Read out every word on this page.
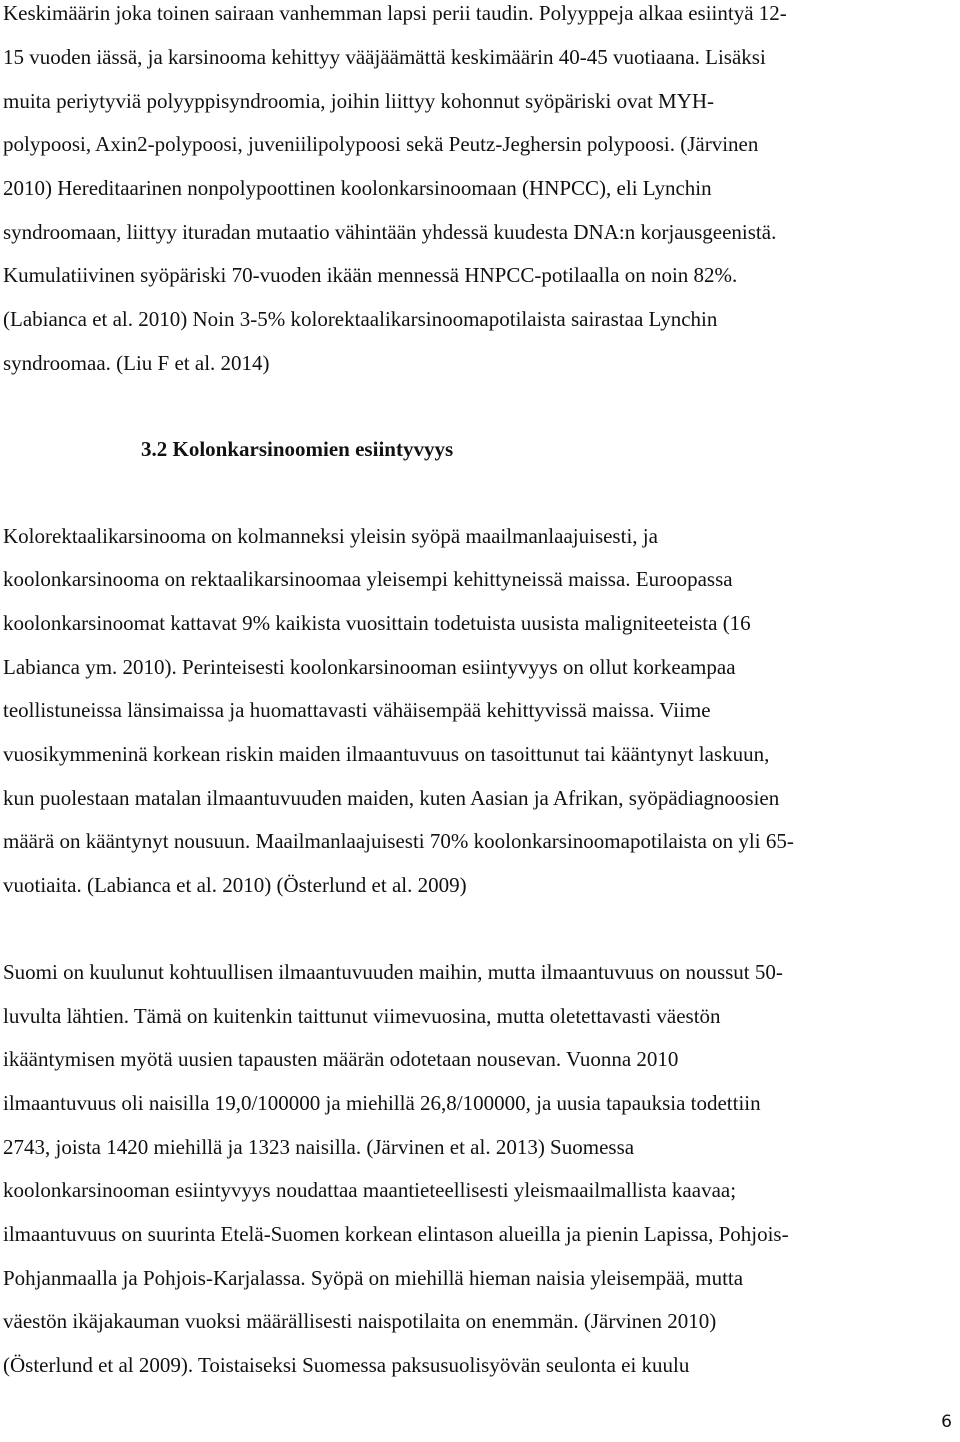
Keskimäärin joka toinen sairaan vanhemman lapsi perii taudin. Polyyppeja alkaa esiintyä 12-
15 vuoden iässä, ja karsinooma kehittyy vääjäämättä keskimäärin 40-45 vuotiaana. Lisäksi
muita periytyviä polyyppisyndroomia, joihin liittyy kohonnut syöpäriski ovat MYH-
polypoosi, Axin2-polypoosi, juveniilipolypoosi sekä Peutz-Jeghersin polypoosi. (Järvinen
2010) Hereditaarinen nonpolypoottinen koolonkarsinoomaan (HNPCC), eli Lynchin
syndroomaan, liittyy ituradan mutaatio vähintään yhdessä kuudesta DNA:n korjausgeenistä.
Kumulatiivinen syöpäriski 70-vuoden ikään mennessä HNPCC-potilaalla on noin 82%.
(Labianca et al. 2010) Noin 3-5% kolorektaalikarsinoomapotilaista sairastaa Lynchin
syndroomaa. (Liu F et al. 2014)
3.2 Kolonkarsinoomien esiintyvyys
Kolorektaalikarsinooma on kolmanneksi yleisin syöpä maailmanlaajuisesti, ja
koolonkarsinooma on rektaalikarsinoomaa yleisempi kehittyneissä maissa. Euroopassa
koolonkarsinoomat kattavat 9% kaikista vuosittain todetuista uusista maligniteeteista (16
Labianca ym. 2010). Perinteisesti koolonkarsinooman esiintyvyys on ollut korkeampaa
teollistuneissa länsimaissa ja huomattavasti vähäisempää kehittyvissä maissa. Viime
vuosikymmeninä korkean riskin maiden ilmaantuvuus on tasoittunut tai kääntynyt laskuun,
kun puolestaan matalan ilmaantuvuuden maiden, kuten Aasian ja Afrikan, syöpädiagnoosien
määrä on kääntynyt nousuun. Maailmanlaajuisesti 70% koolonkarsinoomapotilaista on yli 65-
vuotiaita. (Labianca et al. 2010) (Österlund et al. 2009)
Suomi on kuulunut kohtuullisen ilmaantuvuuden maihin, mutta ilmaantuvuus on noussut 50-
luvulta lähtien. Tämä on kuitenkin taittunut viimevuosina, mutta oletettavasti väestön
ikääntymisen myötä uusien tapausten määrän odotetaan nousevan. Vuonna 2010
ilmaantuvuus oli naisilla 19,0/100000 ja miehillä 26,8/100000, ja uusia tapauksia todettiin
2743, joista 1420 miehillä ja 1323 naisilla. (Järvinen et al. 2013) Suomessa
koolonkarsinooman esiintyvyys noudattaa maantieteellisesti yleismaailmallista kaavaa;
ilmaantuvuus on suurinta Etelä-Suomen korkean elintason alueilla ja pienin Lapissa, Pohjois-
Pohjanmaalla ja Pohjois-Karjalassa. Syöpä on miehillä hieman naisia yleisempää, mutta
väestön ikäjakauman vuoksi määrällisesti naispotilaita on enemmän. (Järvinen 2010)
(Österlund et al 2009). Toistaiseksi Suomessa paksusuolisyövän seulonta ei kuulu
6
